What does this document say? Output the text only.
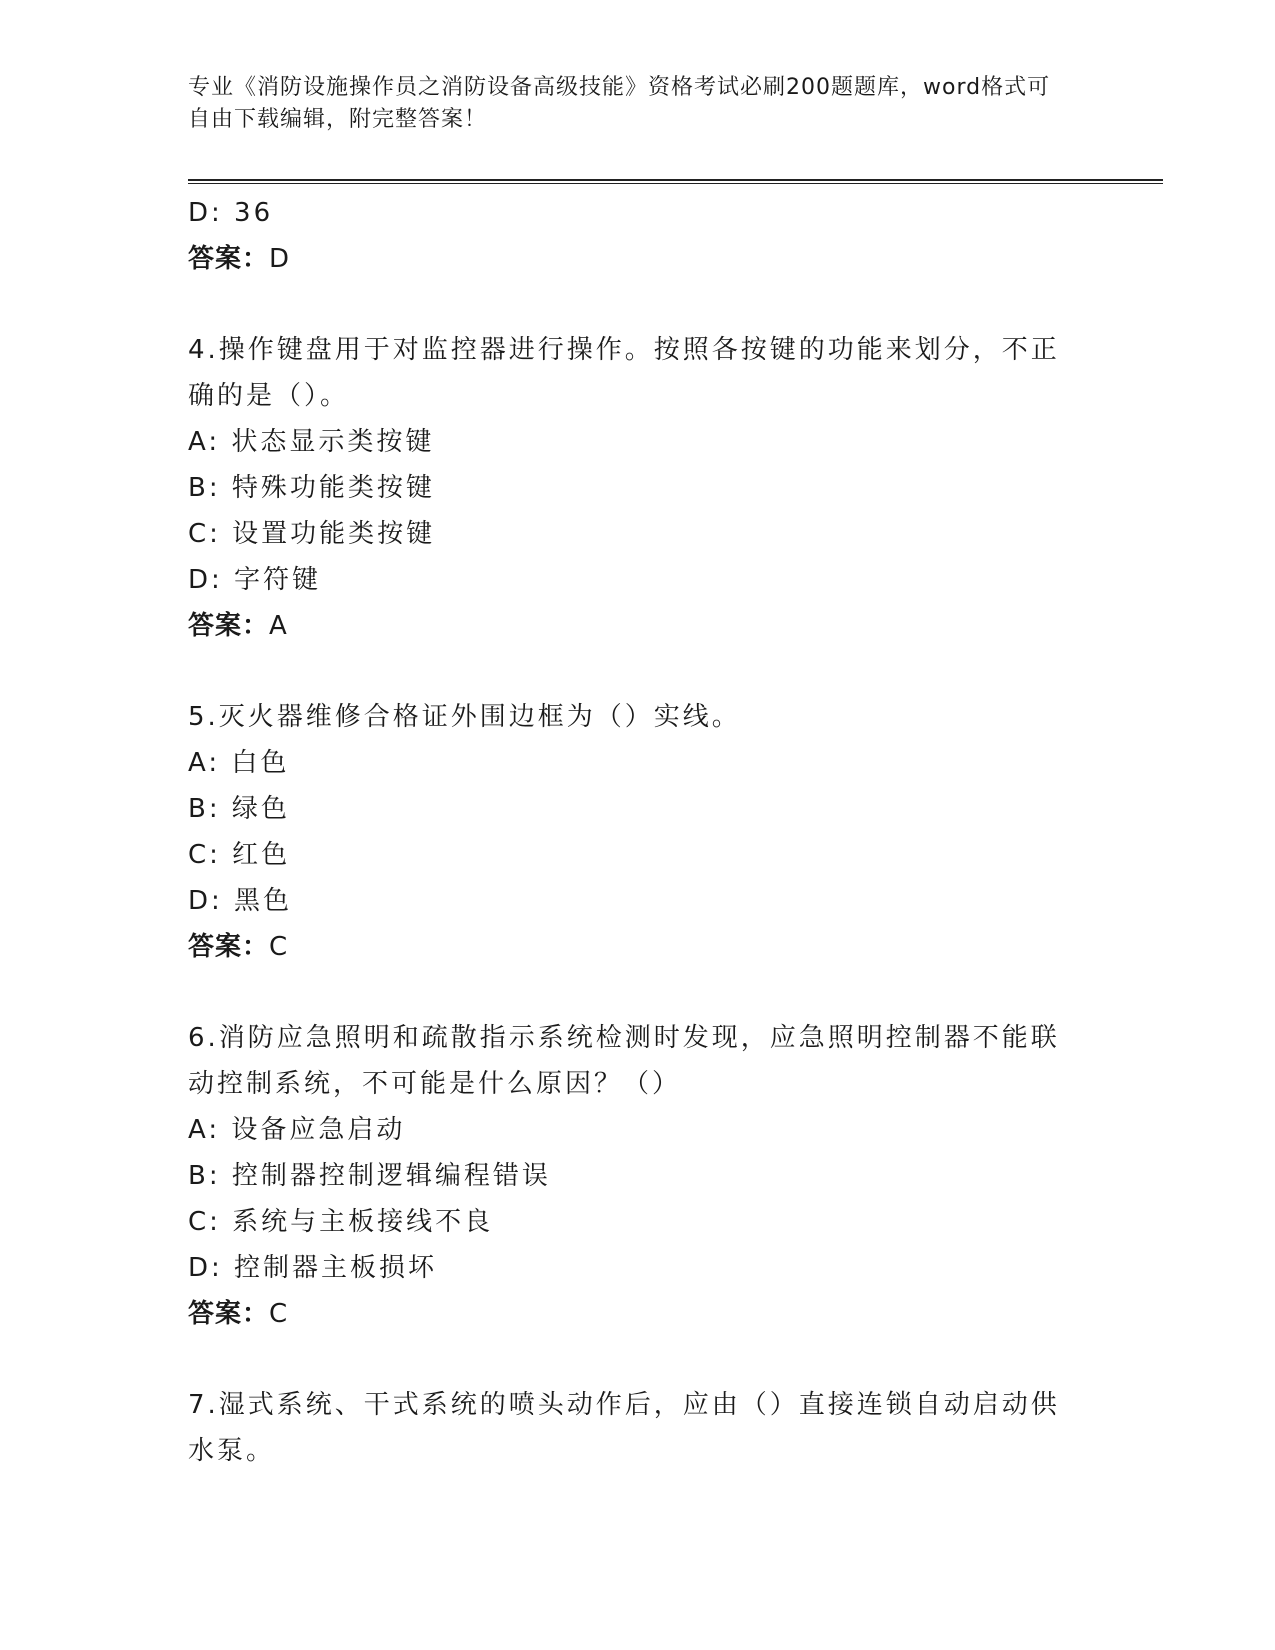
专业《消防设施操作员之消防设备高级技能》资格考试必刷200题题库，word格式可自由下载编辑，附完整答案！
D: 36
答案：D
4.操作键盘用于对监控器进行操作。按照各按键的功能来划分，不正确的是（）。
A: 状态显示类按键
B: 特殊功能类按键
C: 设置功能类按键
D: 字符键
答案：A
5.灭火器维修合格证外围边框为（）实线。
A: 白色
B: 绿色
C: 红色
D: 黑色
答案：C
6.消防应急照明和疏散指示系统检测时发现，应急照明控制器不能联动控制系统，不可能是什么原因？（）
A: 设备应急启动
B: 控制器控制逻辑编程错误
C: 系统与主板接线不良
D: 控制器主板损坏
答案：C
7.湿式系统、干式系统的喷头动作后，应由（）直接连锁自动启动供水泵。
